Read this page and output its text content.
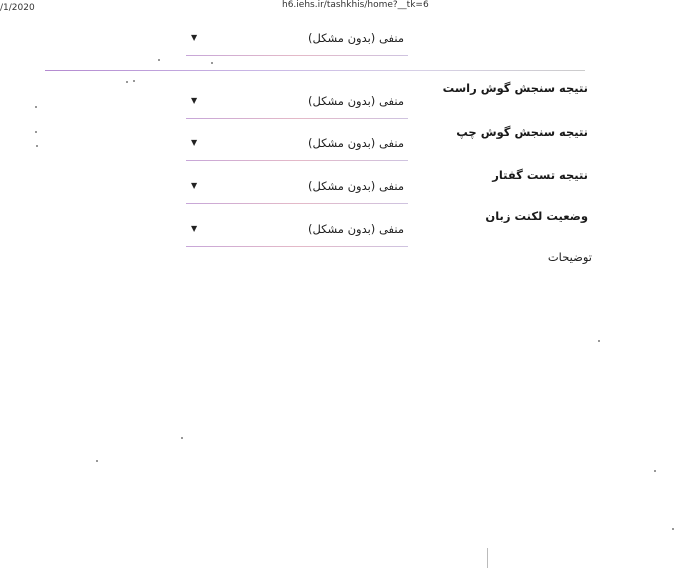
/1/2020	h6.iehs.ir/tashkhis/home?__tk=6
منفی (بدون مشکل)
▼
نتیجه سنجش گوش راست
منفی (بدون مشکل)
▼
نتیجه سنجش گوش چپ
منفی (بدون مشکل)
▼
نتیجه تست گفتار
منفی (بدون مشکل)
▼
وضعیت لکنت زبان
منفی (بدون مشکل)
▼
توضیحات
